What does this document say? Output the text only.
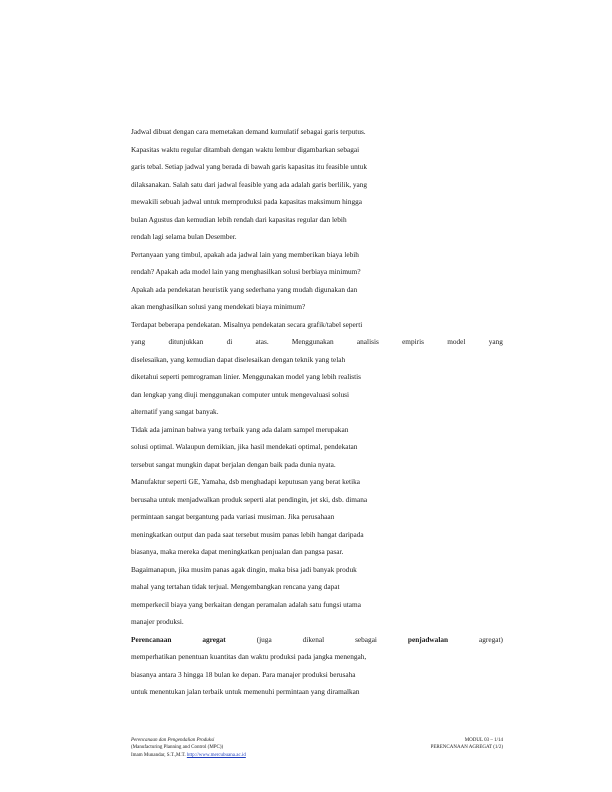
Jadwal dibuat dengan cara memetakan demand kumulatif sebagai garis terputus.
Kapasitas waktu regular ditambah dengan waktu lembur digambarkan sebagai
garis tebal. Setiap jadwal yang berada di bawah garis kapasitas itu feasible untuk
dilaksanakan. Salah satu dari jadwal feasible yang ada adalah garis berlilik, yang
mewakili sebuah jadwal untuk memproduksi pada kapasitas maksimum hingga
bulan Agustus dan kemudian lebih rendah dari kapasitas regular dan lebih
rendah lagi selama bulan Desember.
Pertanyaan yang timbul, apakah ada jadwal lain yang memberikan biaya lebih
rendah? Apakah ada model lain yang menghasilkan solusi berbiaya minimum?
Apakah ada pendekatan heuristik yang sederhana yang mudah digunakan dan
akan menghasilkan solusi yang mendekati biaya minimum?
Terdapat beberapa pendekatan. Misalnya pendekatan secara grafik/tabel seperti
yang	ditunjukkan	di	atas.	Menggunakan	analisis	empiris	model	yang
diselesaikan, yang kemudian dapat diselesaikan dengan teknik yang telah
diketahui seperti pemrograman linier. Menggunakan model yang lebih realistis
dan lengkap yang diuji menggunakan computer untuk mengevaluasi solusi
alternatif yang sangat banyak.
Tidak ada jaminan bahwa yang terbaik yang ada dalam sampel merupakan
solusi optimal. Walaupun demikian, jika hasil mendekati optimal, pendekatan
tersebut sangat mungkin dapat berjalan dengan baik pada dunia nyata.
Manufaktur seperti GE, Yamaha, dsb menghadapi keputusan yang berat ketika
berusaha untuk menjadwalkan produk seperti alat pendingin, jet ski, dsb. dimana
permintaan sangat bergantung pada variasi musiman. Jika perusahaan
meningkatkan output dan pada saat tersebut musim panas lebih hangat daripada
biasanya, maka mereka dapat meningkatkan penjualan dan pangsa pasar.
Bagaimanapun, jika musim panas agak dingin, maka bisa jadi banyak produk
mahal yang tertahan tidak terjual. Mengembangkan rencana yang dapat
memperkecil biaya yang berkaitan dengan peramalan adalah satu fungsi utama
manajer produksi.
Perencanaan	agregat	(juga	dikenal	sebagai	penjadwalan	agregat)
memperhatikan penentuan kuantitas dan waktu produksi pada jangka menengah,
biasanya antara 3 hingga 18 bulan ke depan. Para manajer produksi berusaha
untuk menentukan jalan terbaik untuk memenuhi permintaan yang diramalkan
Perencanaan dan Pengendalian Produksi	MODUL 03 – 1/14
(Manufacturing Planning and Control (MPC))	PERENCANAAN AGREGAT (1/2)
Imam Munandar, S.T.,M.T. http://www.mercubuana.ac.id
